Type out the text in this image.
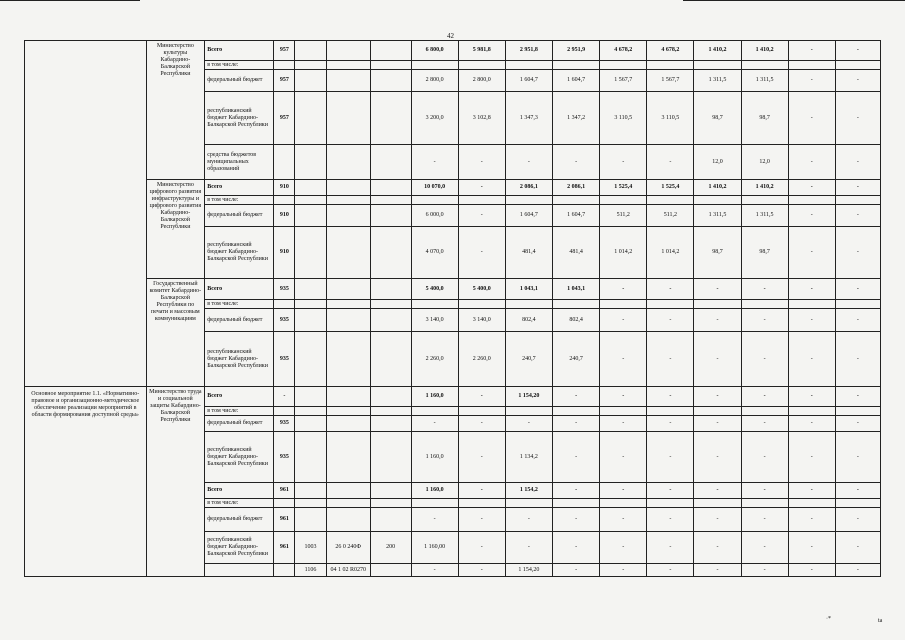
42
	Министерство культуры Кабардино-Балкарской Республики	Всего	957				6 800,0	5 981,8	2 951,8	2 951,9	4 678,2	4 678,2	1 410,2	1 410,2	-	-
		в том числе:														
		федеральный бюджет	957				2 800,0	2 800,0	1 604,7	1 604,7	1 567,7	1 567,7	1 311,5	1 311,5	-	-
		республиканский бюджет Кабардино-Балкарской Республики	957				3 200,0	3 102,8	1 347,3	1 347,2	3 110,5	3 110,5	98,7	98,7	-	-
		средства бюджетов муниципальных образований					-	-	-	-	-	-	12,0	12,0	-	-
	Министерство цифрового развития инфраструктуры и цифрового развития Кабардино-Балкарской Республики	Всего	910				10 070,0	-	2 086,1	2 086,1	1 525,4	1 525,4	1 410,2	1 410,2	-	-
		в том числе:														
		федеральный бюджет	910				6 000,0	-	1 604,7	1 604,7	511,2	511,2	1 311,5	1 311,5	-	-
		республиканский бюджет Кабардино-Балкарской Республики	910				4 070,0	-	481,4	481,4	1 014,2	1 014,2	98,7	98,7	-	-
	Государственный комитет Кабардино-Балкарской Республики по печати и массовым коммуникациям	Всего	935				5 400,0	5 400,0	1 043,1	1 043,1	-	-	-	-	-	-
		в том числе:														
		федеральный бюджет	935				3 140,0	3 140,0	802,4	802,4	-	-	-	-	-	-
		республиканский бюджет Кабардино-Балкарской Республики	935				2 260,0	2 260,0	240,7	240,7	-	-	-	-	-	-
Основное мероприятие 1.1. «Нормативно-правовое и организационно-методическое обеспечение реализации мероприятий в области формирования доступной среды»	Министерство труда и социальной защиты Кабардино-Балкарской Республики	Всего	-				1 160,0	-	1 154,20	-	-	-	-	-	-	-
		в том числе:														
		федеральный бюджет	935				-	-	-	-	-	-	-	-	-	-
		республиканский бюджет Кабардино-Балкарской Республики	935				1 160,0	-	1 134,2	-	-	-	-	-	-	-
		Всего	961				1 160,0	-	1 154,2	-	-	-	-	-	-	-
		в том числе:														
		федеральный бюджет	961				-	-	-	-	-	-	-	-	-	-
		республиканский бюджет Кабардино-Балкарской Республики	961	1003	26 0 240Ф	200	1 160,00	-	-	-	-	-	-	-	-	-
				1106	04 1 02 R0270		-	-	1 154,20	-	-	-	-	-	-	-
·*	ta
